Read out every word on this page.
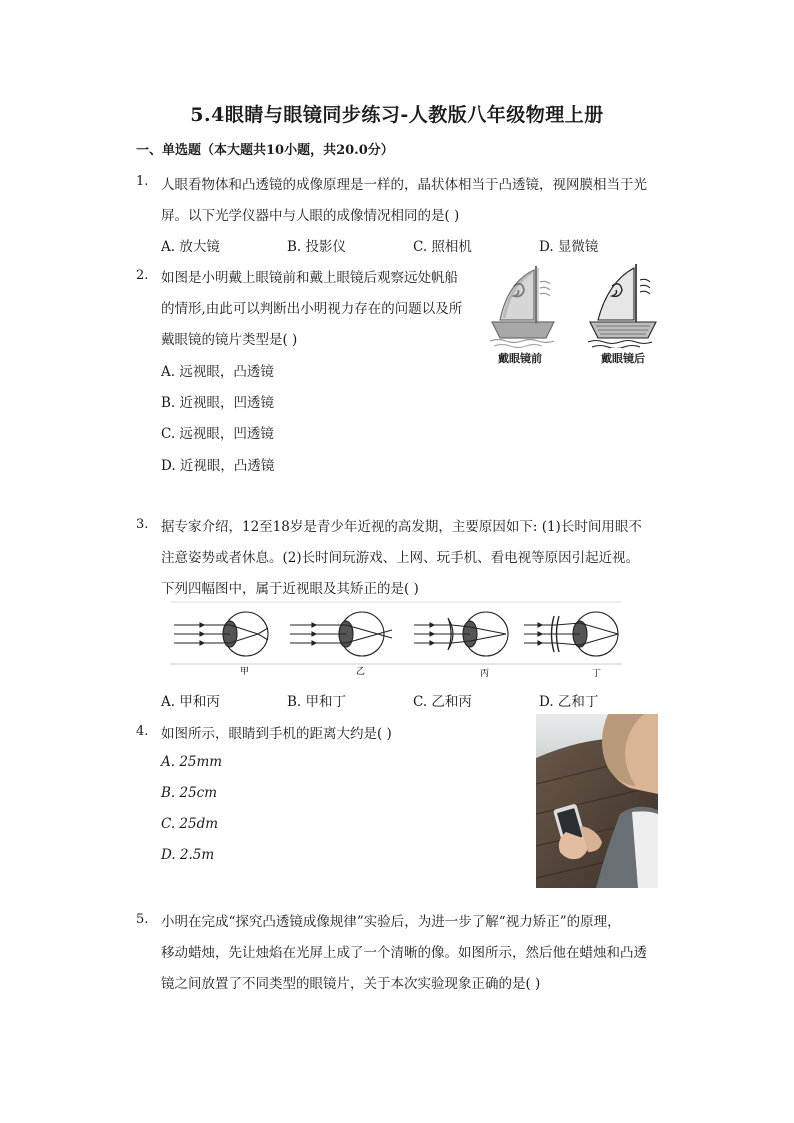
5.4眼睛与眼镜同步练习-人教版八年级物理上册
一、单选题（本大题共10小题，共20.0分）
1. 人眼看物体和凸透镜的成像原理是一样的，晶状体相当于凸透镜，视网膜相当于光
屏。以下光学仪器中与人眼的成像情况相同的是( )
A. 放大镜	B. 投影仪	C. 照相机	D. 显微镜
2. 如图是小明戴上眼镜前和戴上眼镜后观察远处帆船
的情形,由此可以判断出小明视力存在的问题以及所
戴眼镜的镜片类型是( )
A. 远视眼，凸透镜
B. 近视眼，凹透镜
C. 远视眼，凹透镜
D. 近视眼，凸透镜
戴眼镜前	戴眼镜后
3. 据专家介绍，12至18岁是青少年近视的高发期，主要原因如下: (1)长时间用眼不
注意姿势或者休息。(2)长时间玩游戏、上网、玩手机、看电视等原因引起近视。
下列四幅图中，属于近视眼及其矫正的是( )
甲	乙	丙	丁
A. 甲和丙	B. 甲和丁	C. 乙和丙	D. 乙和丁
4. 如图所示，眼睛到手机的距离大约是( )
A. 25mm
B. 25cm
C. 25dm
D. 2.5m
5. 小明在完成“探究凸透镜成像规律”实验后，为进一步了解“视力矫正”的原理，
移动蜡烛，先让烛焰在光屏上成了一个清晰的像。如图所示，然后他在蜡烛和凸透
镜之间放置了不同类型的眼镜片，关于本次实验现象正确的是( )
